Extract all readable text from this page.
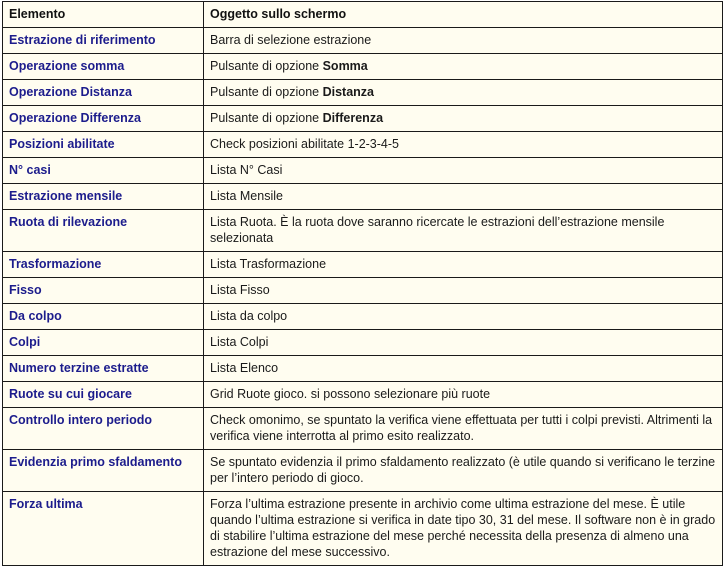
Elemento	Oggetto sullo schermo
Estrazione di riferimento	Barra di selezione estrazione
Operazione somma	Pulsante di opzione Somma
Operazione Distanza	Pulsante di opzione Distanza
Operazione Differenza	Pulsante di opzione Differenza
Posizioni abilitate	Check posizioni abilitate 1-2-3-4-5
N° casi	Lista N° Casi
Estrazione mensile	Lista Mensile
Ruota di rilevazione	Lista Ruota. È la ruota dove saranno ricercate le estrazioni dell’estrazione mensile selezionata
Trasformazione	Lista Trasformazione
Fisso	Lista Fisso
Da colpo	Lista da colpo
Colpi	Lista Colpi
Numero terzine estratte	Lista Elenco
Ruote su cui giocare	Grid Ruote gioco. si possono selezionare più ruote
Controllo intero periodo	Check omonimo, se spuntato la verifica viene effettuata per tutti i colpi previsti. Altrimenti la verifica viene interrotta al primo esito realizzato.
Evidenzia primo sfaldamento	Se spuntato evidenzia il primo sfaldamento realizzato (è utile quando si verificano le terzine per l’intero periodo di gioco.
Forza ultima	Forza l’ultima estrazione presente in archivio come ultima estrazione del mese. È utile quando l’ultima estrazione si verifica in date tipo 30, 31 del mese. Il software non è in grado di stabilire l’ultima estrazione del mese perché necessita della presenza di almeno una estrazione del mese successivo.
